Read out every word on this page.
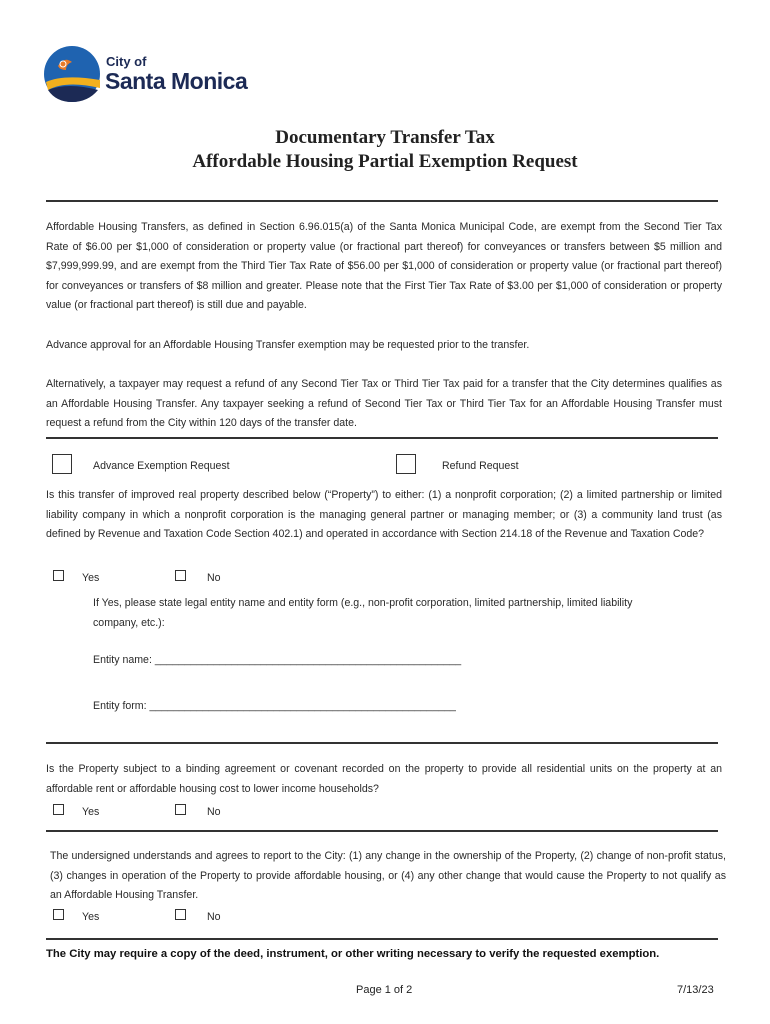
City of
Santa Monica
Documentary Transfer Tax
Affordable Housing Partial Exemption Request
Affordable Housing Transfers, as defined in Section 6.96.015(a) of the Santa Monica Municipal Code, are exempt from the Second Tier Tax Rate of $6.00 per $1,000 of consideration or property value (or fractional part thereof) for conveyances or transfers between $5 million and $7,999,999.99, and are exempt from the Third Tier Tax Rate of $56.00 per $1,000 of consideration or property value (or fractional part thereof) for conveyances or transfers of $8 million and greater. Please note that the First Tier Tax Rate of $3.00 per $1,000 of consideration or property value (or fractional part thereof) is still due and payable.
Advance approval for an Affordable Housing Transfer exemption may be requested prior to the transfer.
Alternatively, a taxpayer may request a refund of any Second Tier Tax or Third Tier Tax paid for a transfer that the City determines qualifies as an Affordable Housing Transfer. Any taxpayer seeking a refund of Second Tier Tax or Third Tier Tax for an Affordable Housing Transfer must request a refund from the City within 120 days of the transfer date.
Advance Exemption Request	Refund Request
Is this transfer of improved real property described below (“Property”) to either: (1) a nonprofit corporation; (2) a limited partnership or limited liability company in which a nonprofit corporation is the managing general partner or managing member; or (3) a community land trust (as defined by Revenue and Taxation Code Section 402.1) and operated in accordance with Section 214.18 of the Revenue and Taxation Code?
Yes	No
If Yes, please state legal entity name and entity form (e.g., non-profit corporation, limited partnership, limited liability company, etc.):
Entity name: ____________________________________________________
Entity form: ____________________________________________________
Is the Property subject to a binding agreement or covenant recorded on the property to provide all residential units on the property at an affordable rent or affordable housing cost to lower income households?
Yes	No
The undersigned understands and agrees to report to the City: (1) any change in the ownership of the Property, (2) change of non-profit status, (3) changes in operation of the Property to provide affordable housing, or (4) any other change that would cause the Property to not qualify as an Affordable Housing Transfer.
Yes	No
The City may require a copy of the deed, instrument, or other writing necessary to verify the requested exemption.
Page 1 of 2	7/13/23
